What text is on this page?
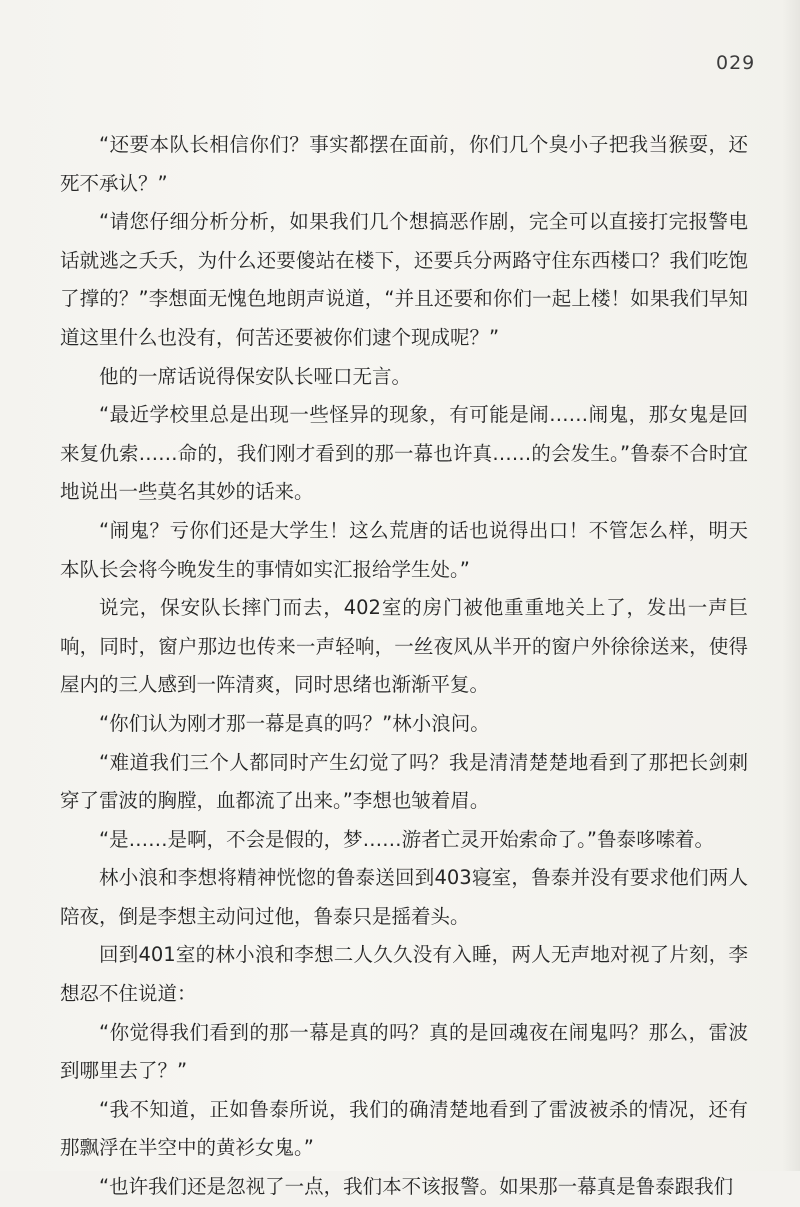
029

“还要本队长相信你们？事实都摆在面前，你们几个臭小子把我当猴耍，还死不承认？”

“请您仔细分析分析，如果我们几个想搞恶作剧，完全可以直接打完报警电话就逃之夭夭，为什么还要傻站在楼下，还要兵分两路守住东西楼口？我们吃饱了撑的？”李想面无愧色地朗声说道，“并且还要和你们一起上楼！如果我们早知道这里什么也没有，何苦还要被你们逮个现成呢？”

他的一席话说得保安队长哑口无言。

“最近学校里总是出现一些怪异的现象，有可能是闹……闹鬼，那女鬼是回来复仇索……命的，我们刚才看到的那一幕也许真……的会发生。”鲁泰不合时宜地说出一些莫名其妙的话来。

“闹鬼？亏你们还是大学生！这么荒唐的话也说得出口！不管怎么样，明天本队长会将今晚发生的事情如实汇报给学生处。”

说完，保安队长摔门而去，402室的房门被他重重地关上了，发出一声巨响，同时，窗户那边也传来一声轻响，一丝夜风从半开的窗户外徐徐送来，使得屋内的三人感到一阵清爽，同时思绪也渐渐平复。

“你们认为刚才那一幕是真的吗？”林小浪问。

“难道我们三个人都同时产生幻觉了吗？我是清清楚楚地看到了那把长剑刺穿了雷波的胸膛，血都流了出来。”李想也皱着眉。

“是……是啊，不会是假的，梦……游者亡灵开始索命了。”鲁泰哆嗦着。

林小浪和李想将精神恍惚的鲁泰送回到403寝室，鲁泰并没有要求他们两人陪夜，倒是李想主动问过他，鲁泰只是摇着头。

回到401室的林小浪和李想二人久久没有入睡，两人无声地对视了片刻，李想忍不住说道：

“你觉得我们看到的那一幕是真的吗？真的是回魂夜在闹鬼吗？那么，雷波到哪里去了？”

“我不知道，正如鲁泰所说，我们的确清楚地看到了雷波被杀的情况，还有那飘浮在半空中的黄衫女鬼。”

“也许我们还是忽视了一点，我们本不该报警。如果那一幕真是鲁泰跟我们
